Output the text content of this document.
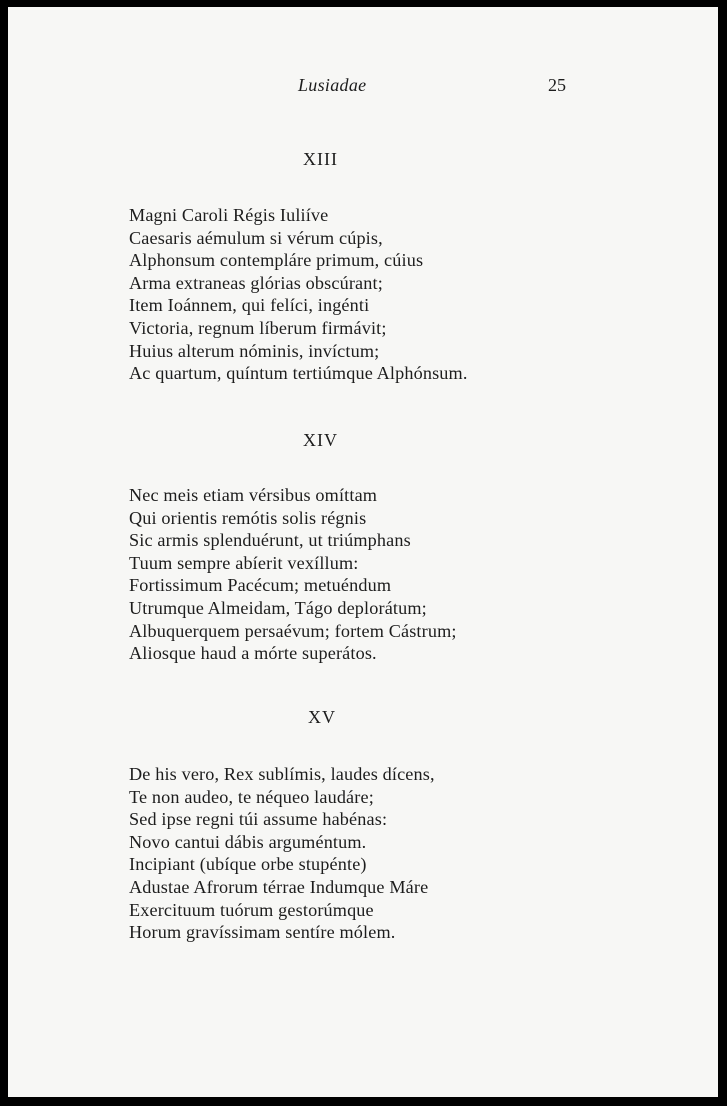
Lusiadae	25
XIII
Magni Caroli Régis Iuliíve
Caesaris aémulum si vérum cúpis,
Alphonsum contempláre primum, cúius
Arma extraneas glórias obscúrant;
Item Ioánnem, qui felíci, ingénti
Victoria, regnum líberum firmávit;
Huius alterum nóminis, invíctum;
Ac quartum, quíntum tertiúmque Alphónsum.
XIV
Nec meis etiam vérsibus omíttam
Qui orientis remótis solis régnis
Sic armis splenduérunt, ut triúmphans
Tuum sempre abíerit vexíllum:
Fortissimum Pacécum; metuéndum
Utrumque Almeidam, Tágo deplorátum;
Albuquerquem persaévum; fortem Cástrum;
Aliosque haud a mórte superátos.
XV
De his vero, Rex sublímis, laudes dícens,
Te non audeo, te néqueo laudáre;
Sed ipse regni túi assume habénas:
Novo cantui dábis arguméntum.
Incipiant (ubíque orbe stupénte)
Adustae Afrorum térrae Indumque Máre
Exercituum tuórum gestorúmque
Horum gravíssimam sentíre mólem.
